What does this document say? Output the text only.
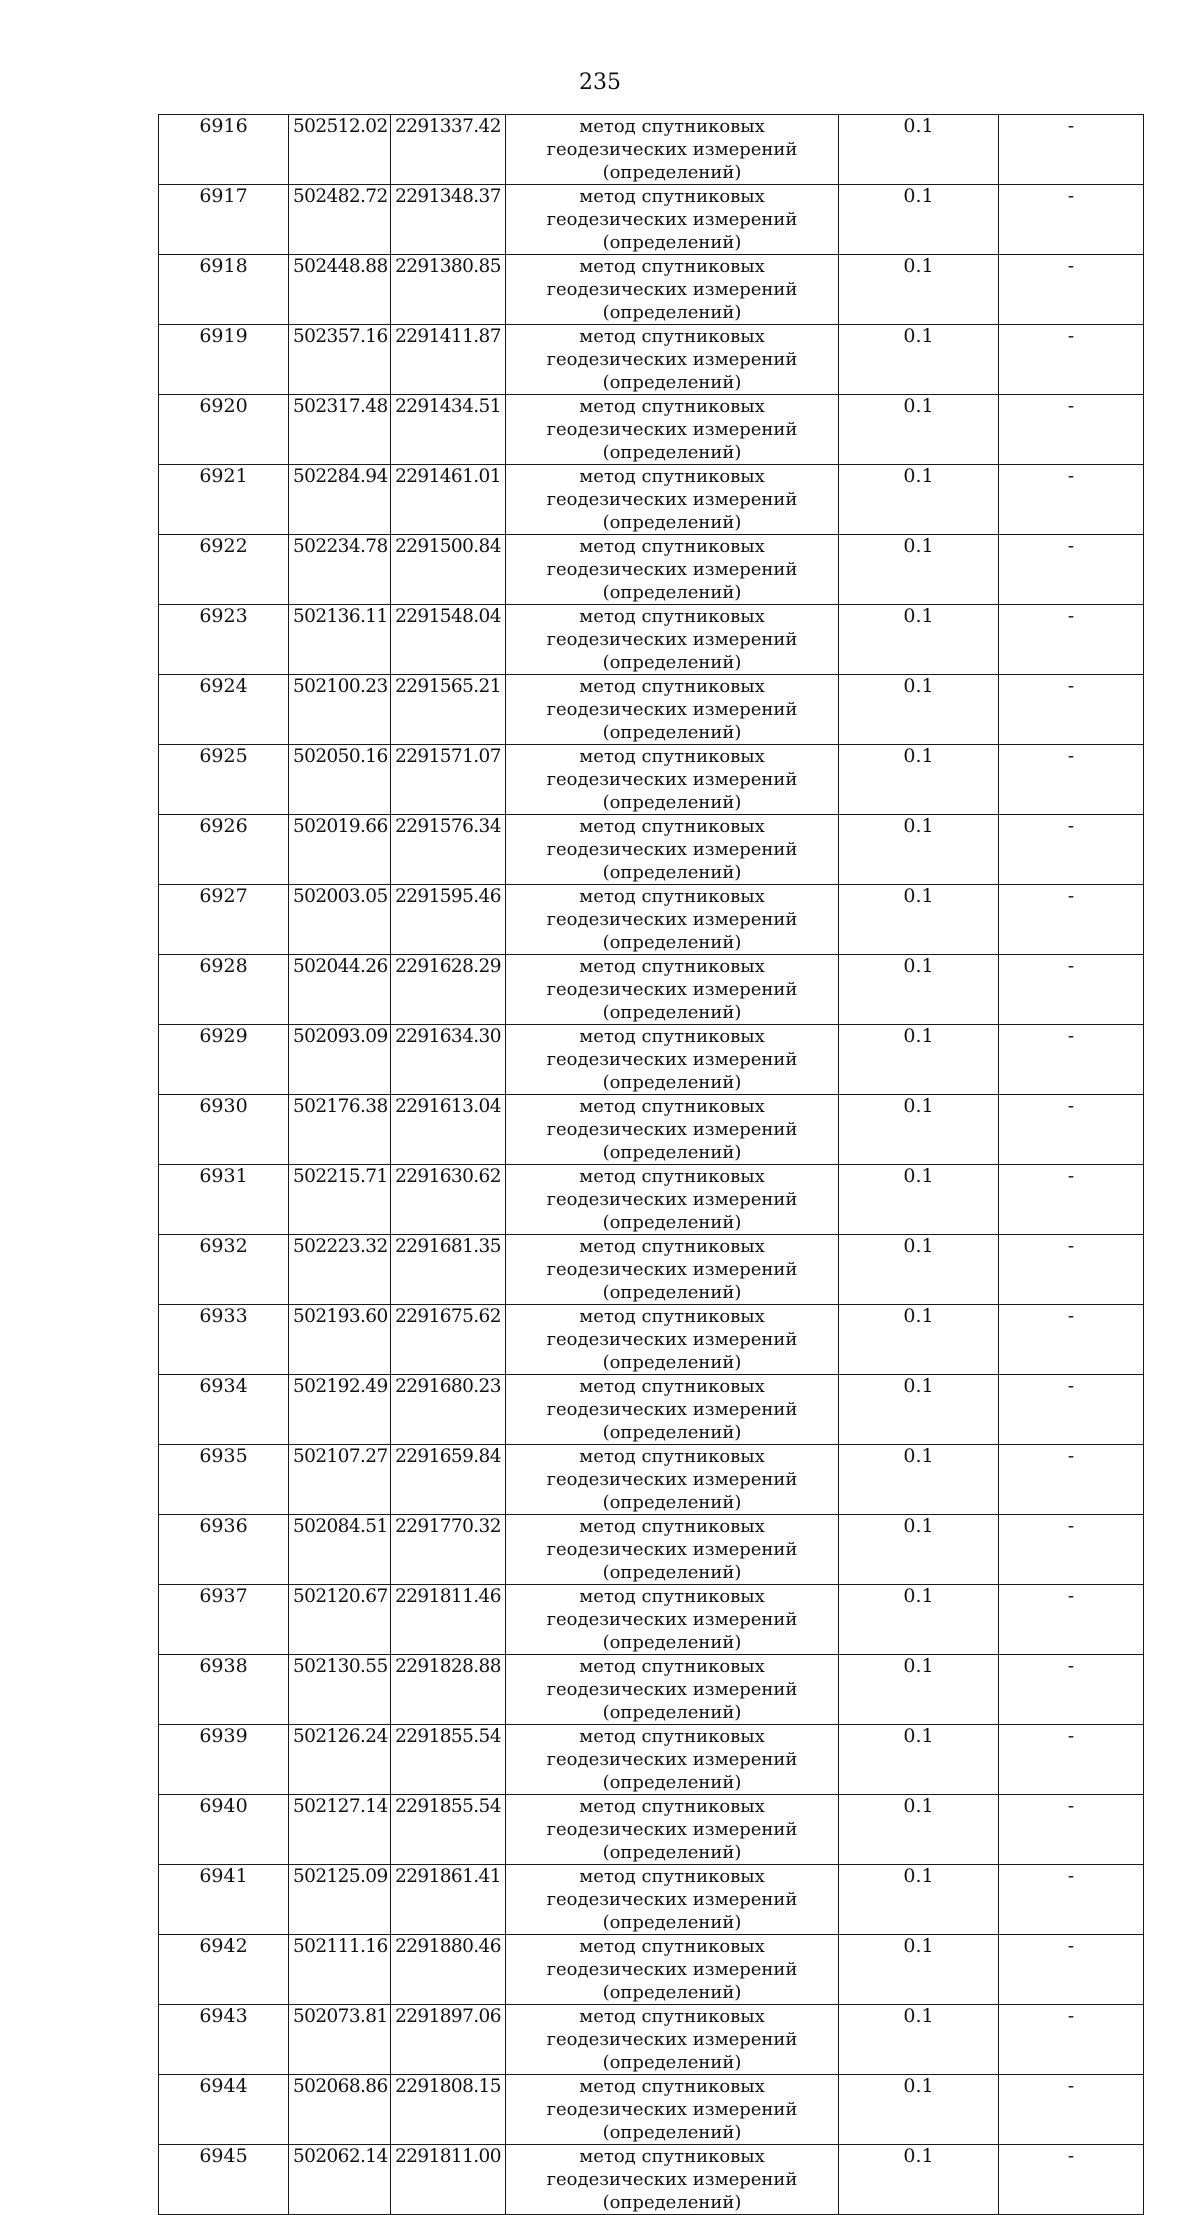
235
6916	502512.02	2291337.42	метод спутниковых геодезических измерений (определений)	0.1	-
6917	502482.72	2291348.37	метод спутниковых геодезических измерений (определений)	0.1	-
6918	502448.88	2291380.85	метод спутниковых геодезических измерений (определений)	0.1	-
6919	502357.16	2291411.87	метод спутниковых геодезических измерений (определений)	0.1	-
6920	502317.48	2291434.51	метод спутниковых геодезических измерений (определений)	0.1	-
6921	502284.94	2291461.01	метод спутниковых геодезических измерений (определений)	0.1	-
6922	502234.78	2291500.84	метод спутниковых геодезических измерений (определений)	0.1	-
6923	502136.11	2291548.04	метод спутниковых геодезических измерений (определений)	0.1	-
6924	502100.23	2291565.21	метод спутниковых геодезических измерений (определений)	0.1	-
6925	502050.16	2291571.07	метод спутниковых геодезических измерений (определений)	0.1	-
6926	502019.66	2291576.34	метод спутниковых геодезических измерений (определений)	0.1	-
6927	502003.05	2291595.46	метод спутниковых геодезических измерений (определений)	0.1	-
6928	502044.26	2291628.29	метод спутниковых геодезических измерений (определений)	0.1	-
6929	502093.09	2291634.30	метод спутниковых геодезических измерений (определений)	0.1	-
6930	502176.38	2291613.04	метод спутниковых геодезических измерений (определений)	0.1	-
6931	502215.71	2291630.62	метод спутниковых геодезических измерений (определений)	0.1	-
6932	502223.32	2291681.35	метод спутниковых геодезических измерений (определений)	0.1	-
6933	502193.60	2291675.62	метод спутниковых геодезических измерений (определений)	0.1	-
6934	502192.49	2291680.23	метод спутниковых геодезических измерений (определений)	0.1	-
6935	502107.27	2291659.84	метод спутниковых геодезических измерений (определений)	0.1	-
6936	502084.51	2291770.32	метод спутниковых геодезических измерений (определений)	0.1	-
6937	502120.67	2291811.46	метод спутниковых геодезических измерений (определений)	0.1	-
6938	502130.55	2291828.88	метод спутниковых геодезических измерений (определений)	0.1	-
6939	502126.24	2291855.54	метод спутниковых геодезических измерений (определений)	0.1	-
6940	502127.14	2291855.54	метод спутниковых геодезических измерений (определений)	0.1	-
6941	502125.09	2291861.41	метод спутниковых геодезических измерений (определений)	0.1	-
6942	502111.16	2291880.46	метод спутниковых геодезических измерений (определений)	0.1	-
6943	502073.81	2291897.06	метод спутниковых геодезических измерений (определений)	0.1	-
6944	502068.86	2291808.15	метод спутниковых геодезических измерений (определений)	0.1	-
6945	502062.14	2291811.00	метод спутниковых геодезических измерений (определений)	0.1	-
